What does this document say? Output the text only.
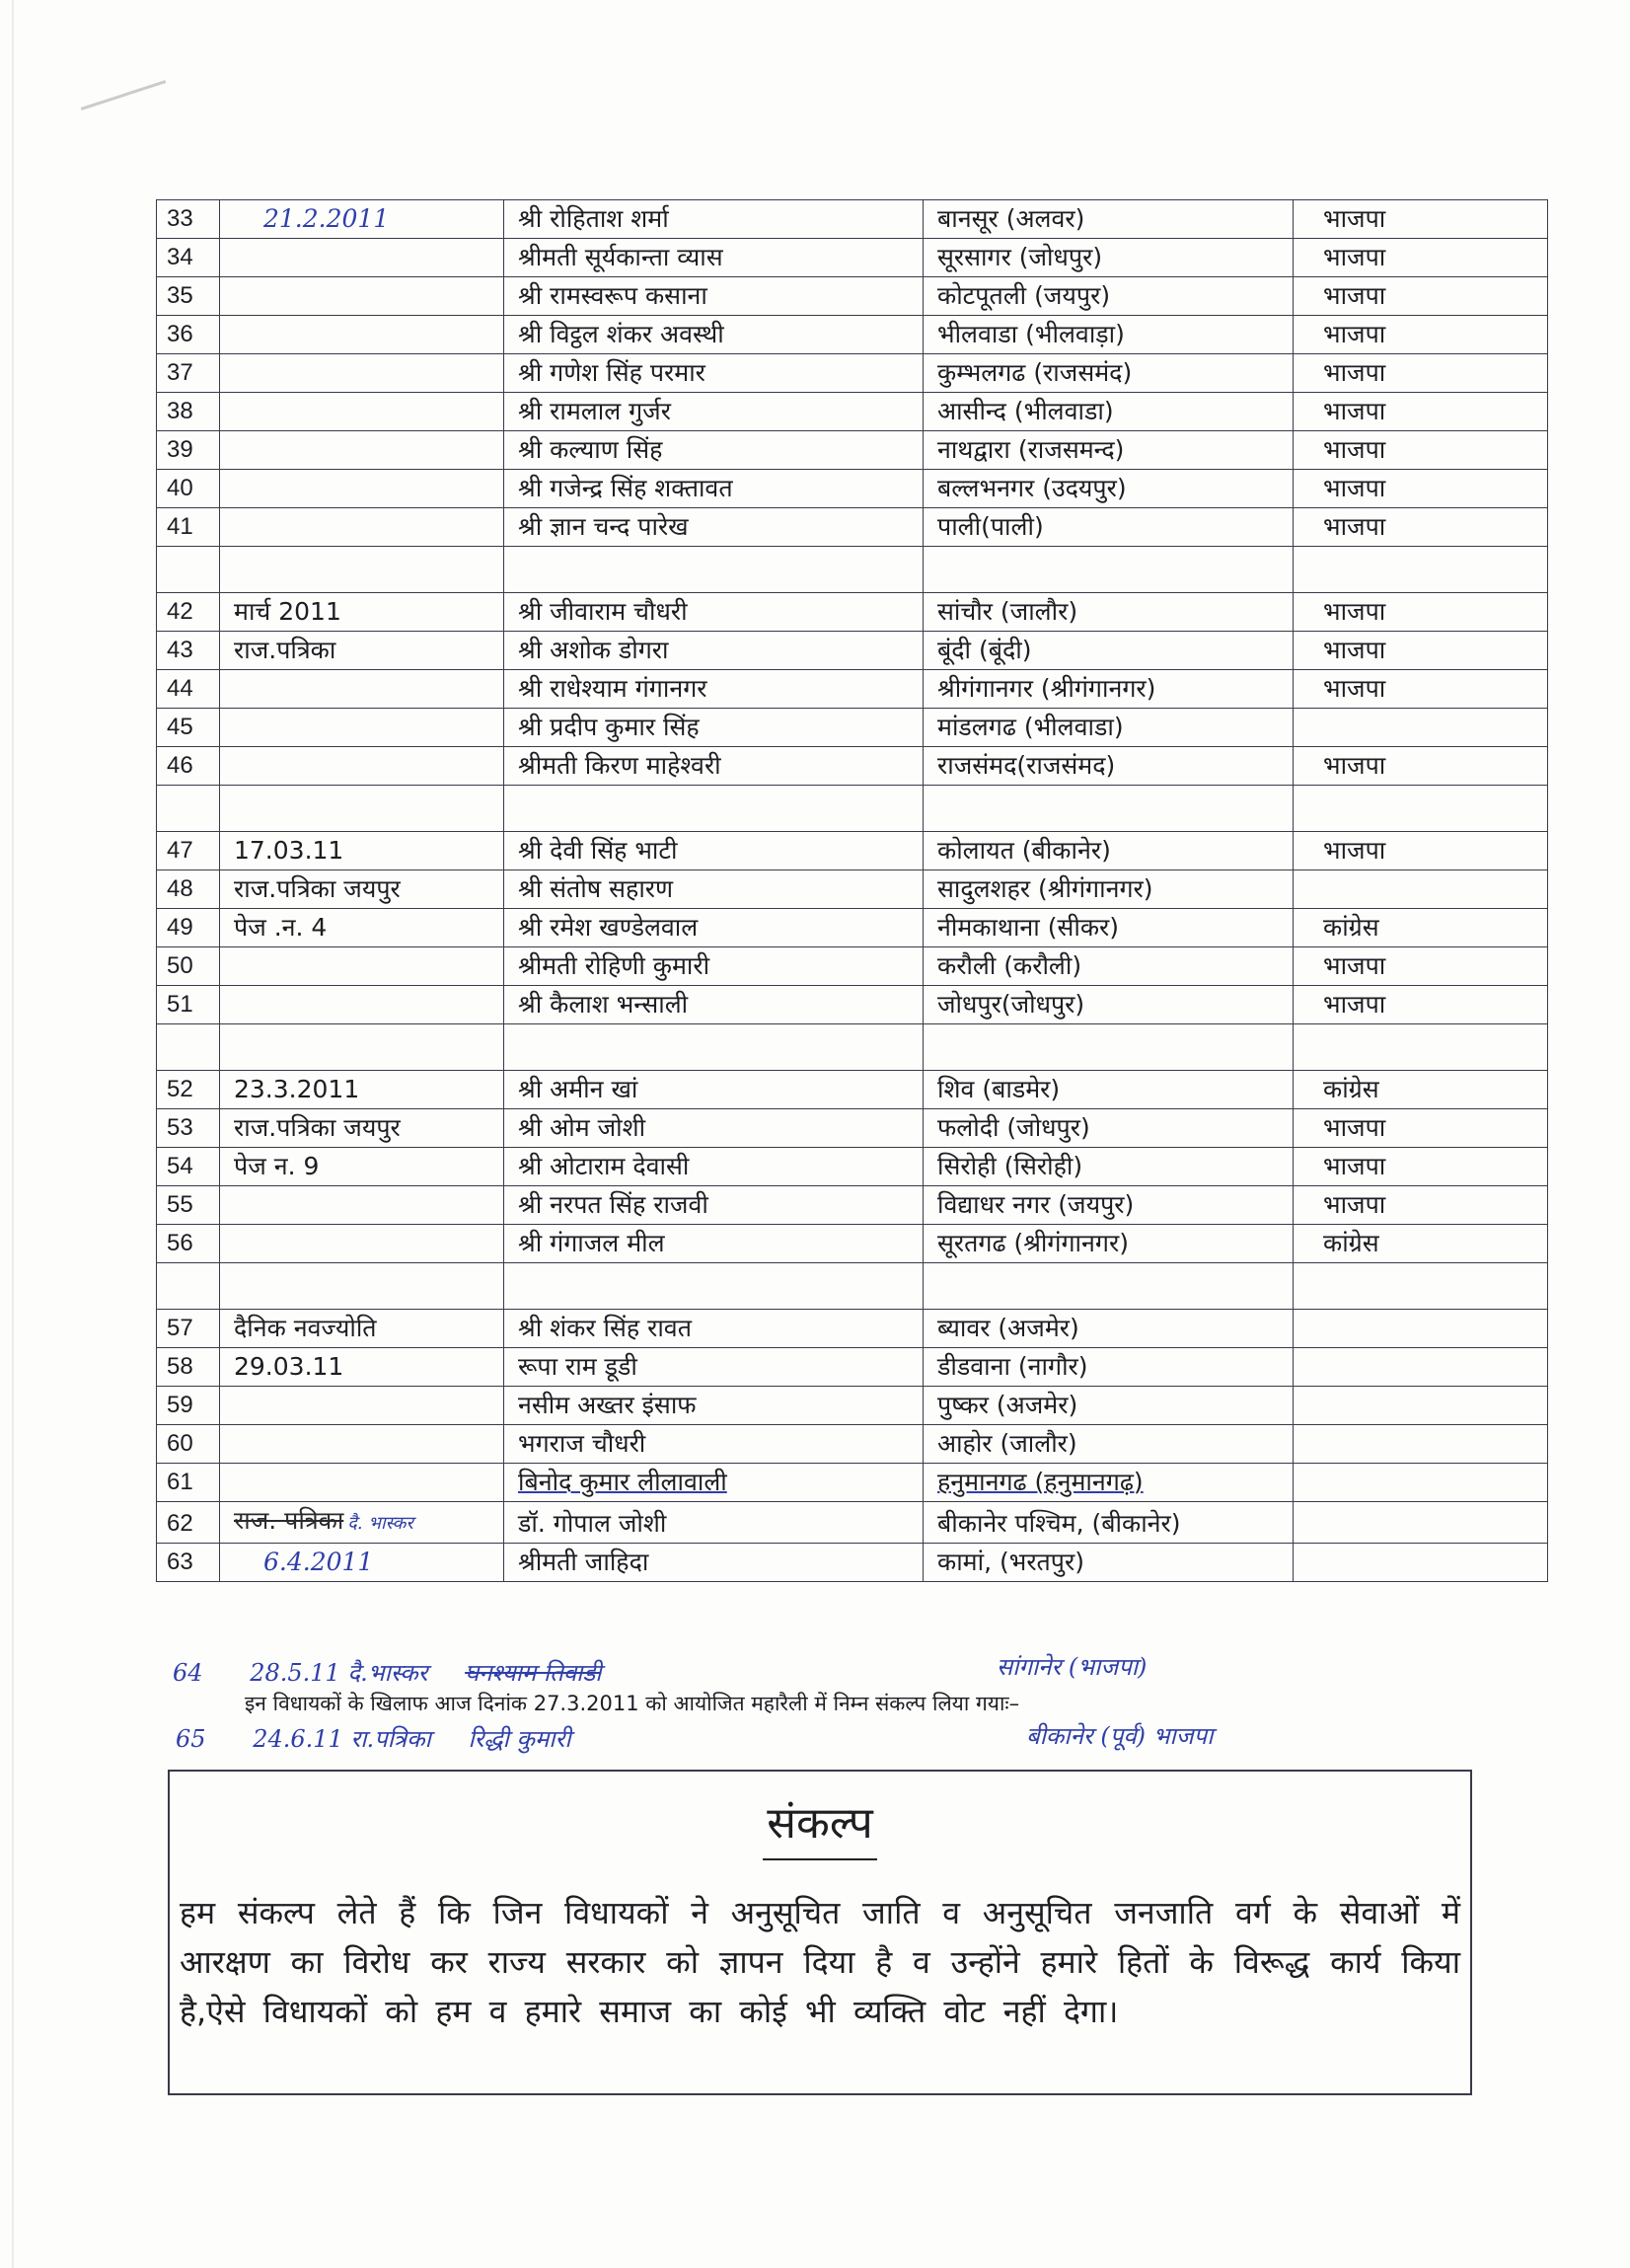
33	21.2.2011	श्री रोहिताश शर्मा	बानसूर (अलवर)	भाजपा
34		श्रीमती सूर्यकान्ता व्यास	सूरसागर (जोधपुर)	भाजपा
35		श्री रामस्वरूप कसाना	कोटपूतली (जयपुर)	भाजपा
36		श्री विट्ठल शंकर अवस्थी	भीलवाडा (भीलवाड़ा)	भाजपा
37		श्री गणेश सिंह परमार	कुम्भलगढ (राजसमंद)	भाजपा
38		श्री रामलाल गुर्जर	आसीन्द (भीलवाडा)	भाजपा
39		श्री कल्याण सिंह	नाथद्वारा (राजसमन्द)	भाजपा
40		श्री गजेन्द्र सिंह शक्तावत	बल्लभनगर (उदयपुर)	भाजपा
41		श्री ज्ञान चन्द पारेख	पाली(पाली)	भाजपा

42	मार्च 2011	श्री जीवाराम चौधरी	सांचौर (जालौर)	भाजपा
43	राज.पत्रिका	श्री अशोक डोगरा	बूंदी (बूंदी)	भाजपा
44		श्री राधेश्याम गंगानगर	श्रीगंगानगर (श्रीगंगानगर)	भाजपा
45		श्री प्रदीप कुमार सिंह	मांडलगढ (भीलवाडा)	
46		श्रीमती किरण माहेश्वरी	राजसंमद(राजसंमद)	भाजपा

47	17.03.11	श्री देवी सिंह भाटी	कोलायत (बीकानेर)	भाजपा
48	राज.पत्रिका जयपुर	श्री संतोष सहारण	सादुलशहर (श्रीगंगानगर)	
49	पेज .न. 4	श्री रमेश खण्डेलवाल	नीमकाथाना (सीकर)	कांग्रेस
50		श्रीमती रोहिणी कुमारी	करौली (करौली)	भाजपा
51		श्री कैलाश भन्साली	जोधपुर(जोधपुर)	भाजपा

52	23.3.2011	श्री अमीन खां	शिव (बाडमेर)	कांग्रेस
53	राज.पत्रिका जयपुर	श्री ओम जोशी	फलोदी (जोधपुर)	भाजपा
54	पेज न. 9	श्री ओटाराम देवासी	सिरोही (सिरोही)	भाजपा
55		श्री नरपत सिंह राजवी	विद्याधर नगर (जयपुर)	भाजपा
56		श्री गंगाजल मील	सूरतगढ (श्रीगंगानगर)	कांग्रेस

57	दैनिक नवज्योति	श्री शंकर सिंह रावत	ब्यावर (अजमेर)	
58	29.03.11	रूपा राम डूडी	डीडवाना (नागौर)	
59		नसीम अख्तर इंसाफ	पुष्कर (अजमेर)	
60		भगराज चौधरी	आहोर (जालौर)	
61		बिनोद कुमार लीलावाली	हनुमानगढ (हनुमानगढ़)	
62	राज. पत्रिका दै. भास्कर	डॉ. गोपाल जोशी	बीकानेर पश्चिम, (बीकानेर)	
63	6.4.2011	श्रीमती जाहिदा	कामां, (भरतपुर)	
64 28.5.11 दै.भास्कर घनश्याम तिवाडी	सांगानेर (भाजपा)
इन विधायकों के खिलाफ आज दिनांक 27.3.2011 को आयोजित महारैली में निम्न संकल्प लिया गयाः–
65 24.6.11 रा.पत्रिका रिद्धी कुमारी	बीकानेर (पूर्व) भाजपा
संकल्प
हम संकल्प लेते हैं कि जिन विधायकों ने अनुसूचित जाति व अनुसूचित जनजाति वर्ग के सेवाओं में आरक्षण का विरोध कर राज्य सरकार को ज्ञापन दिया है व उन्होंने हमारे हितों के विरूद्ध कार्य किया है,ऐसे विधायकों को हम व हमारे समाज का कोई भी व्यक्ति वोट नहीं देगा।
